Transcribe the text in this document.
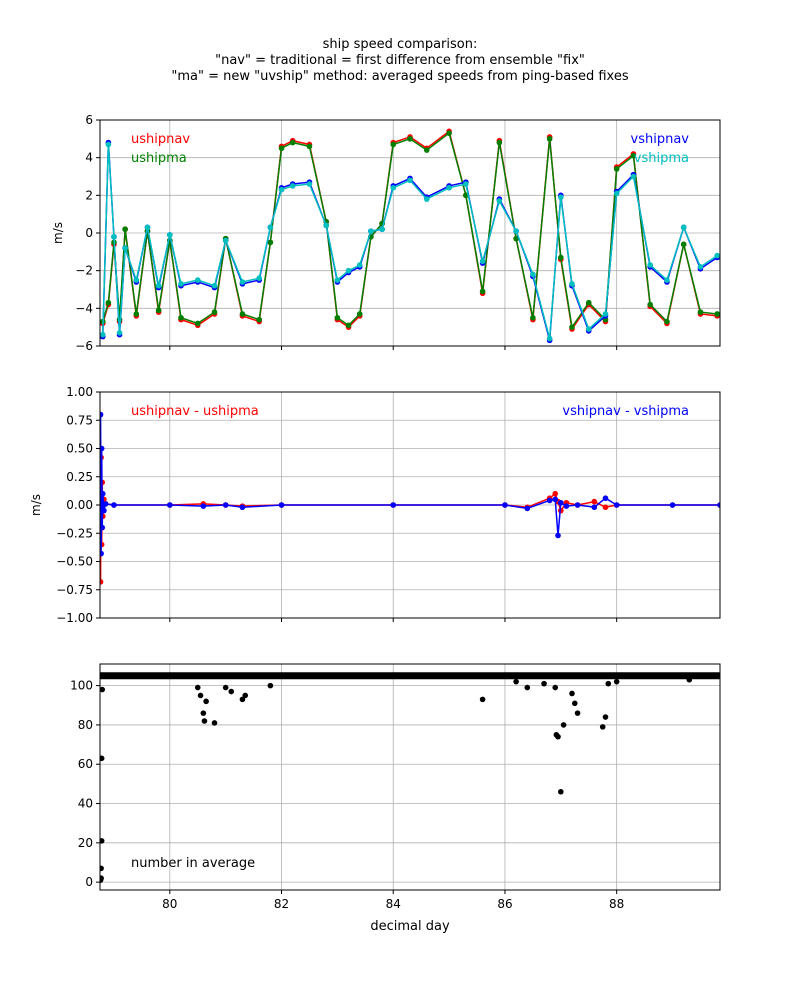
ship speed comparison:
"nav" = traditional = first difference from ensemble "fix"
"ma" = new "uvship" method: averaged speeds from ping-based fixes
−6
−4
−2
0
2
4
6
m/s
ushipnav
ushipma
vshipnav
vshipma
−1.00
−0.75
−0.50
−0.25
0.00
0.25
0.50
0.75
1.00
m/s
ushipnav - ushipma	vshipnav - vshipma
80	82	84	86	88
0
20
40
60
80
100
decimal day
number in average
